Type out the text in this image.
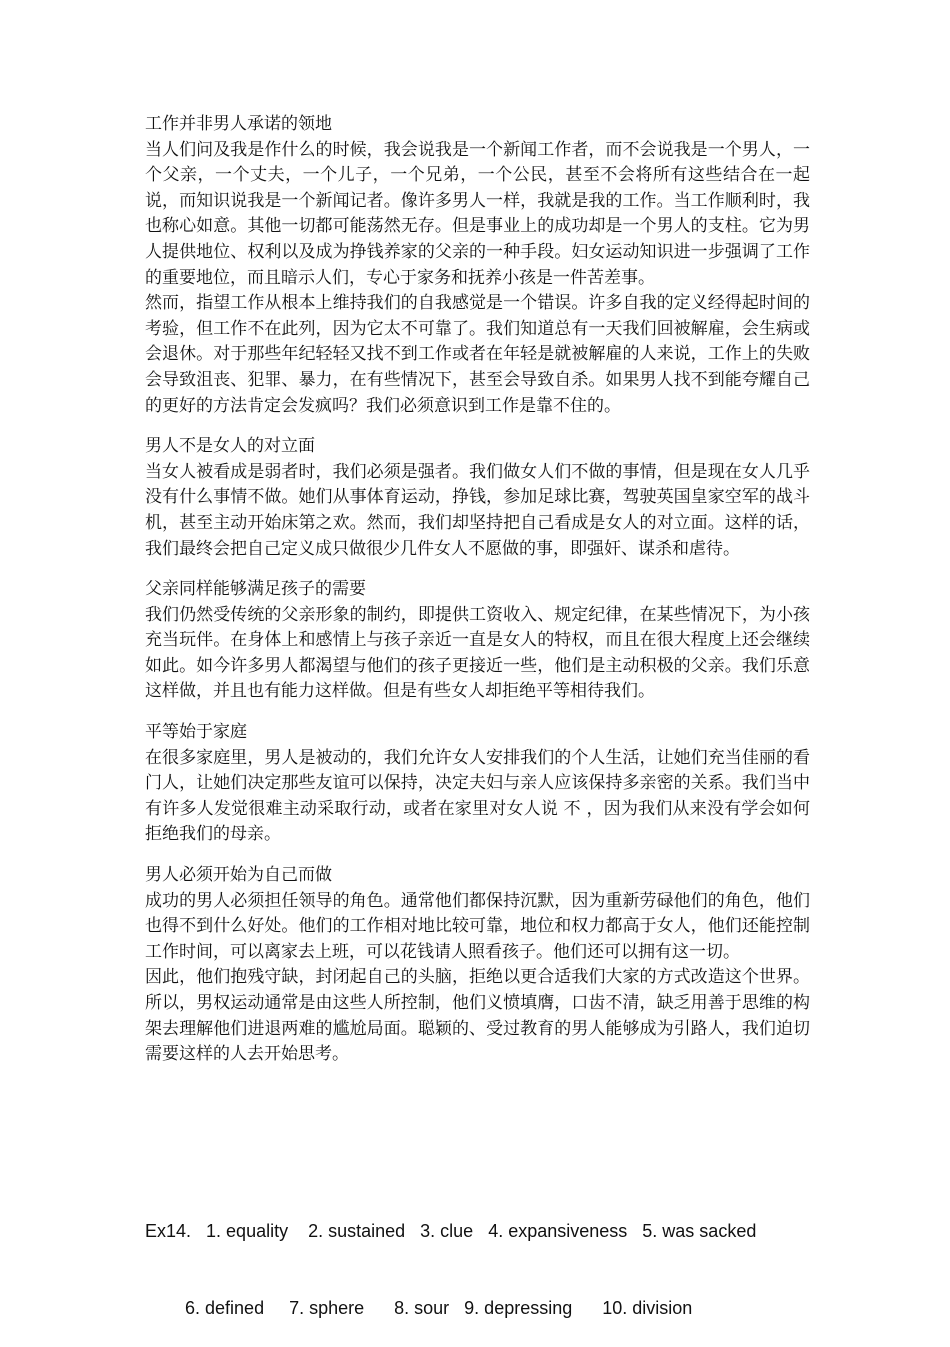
工作并非男人承诺的领地

当人们问及我是作什么的时候，我会说我是一个新闻工作者，而不会说我是一个男人，一个父亲，一个丈夫，一个儿子，一个兄弟，一个公民，甚至不会将所有这些结合在一起说，而知识说我是一个新闻记者。像许多男人一样，我就是我的工作。当工作顺利时，我也称心如意。其他一切都可能荡然无存。但是事业上的成功却是一个男人的支柱。它为男人提供地位、权利以及成为挣钱养家的父亲的一种手段。妇女运动知识进一步强调了工作的重要地位，而且暗示人们，专心于家务和抚养小孩是一件苦差事。

然而，指望工作从根本上维持我们的自我感觉是一个错误。许多自我的定义经得起时间的考验，但工作不在此列，因为它太不可靠了。我们知道总有一天我们回被解雇，会生病或会退休。对于那些年纪轻轻又找不到工作或者在年轻是就被解雇的人来说，工作上的失败会导致沮丧、犯罪、暴力，在有些情况下，甚至会导致自杀。如果男人找不到能夸耀自己的更好的方法肯定会发疯吗？我们必须意识到工作是靠不住的。

男人不是女人的对立面

当女人被看成是弱者时，我们必须是强者。我们做女人们不做的事情，但是现在女人几乎没有什么事情不做。她们从事体育运动，挣钱，参加足球比赛，驾驶英国皇家空军的战斗机，甚至主动开始床第之欢。然而，我们却坚持把自己看成是女人的对立面。这样的话，我们最终会把自己定义成只做很少几件女人不愿做的事，即强奸、谋杀和虐待。

父亲同样能够满足孩子的需要

我们仍然受传统的父亲形象的制约，即提供工资收入、规定纪律，在某些情况下，为小孩充当玩伴。在身体上和感情上与孩子亲近一直是女人的特权，而且在很大程度上还会继续如此。如今许多男人都渴望与他们的孩子更接近一些，他们是主动积极的父亲。我们乐意这样做，并且也有能力这样做。但是有些女人却拒绝平等相待我们。

平等始于家庭

在很多家庭里，男人是被动的，我们允许女人安排我们的个人生活，让她们充当佳丽的看门人，让她们决定那些友谊可以保持，决定夫妇与亲人应该保持多亲密的关系。我们当中有许多人发觉很难主动采取行动，或者在家里对女人说 不 ，因为我们从来没有学会如何拒绝我们的母亲。

男人必须开始为自己而做

成功的男人必须担任领导的角色。通常他们都保持沉默，因为重新劳碌他们的角色，他们也得不到什么好处。他们的工作相对地比较可靠，地位和权力都高于女人，他们还能控制工作时间，可以离家去上班，可以花钱请人照看孩子。他们还可以拥有这一切。

因此，他们抱残守缺，封闭起自己的头脑，拒绝以更合适我们大家的方式改造这个世界。所以，男权运动通常是由这些人所控制，他们义愤填膺，口齿不清，缺乏用善于思维的构架去理解他们进退两难的尴尬局面。聪颖的、受过教育的男人能够成为引路人，我们迫切需要这样的人去开始思考。

Ex14.   1. equality    2. sustained   3. clue   4. expansiveness   5. was sacked

6. defined     7. sphere      8. sour   9. depressing      10. division
